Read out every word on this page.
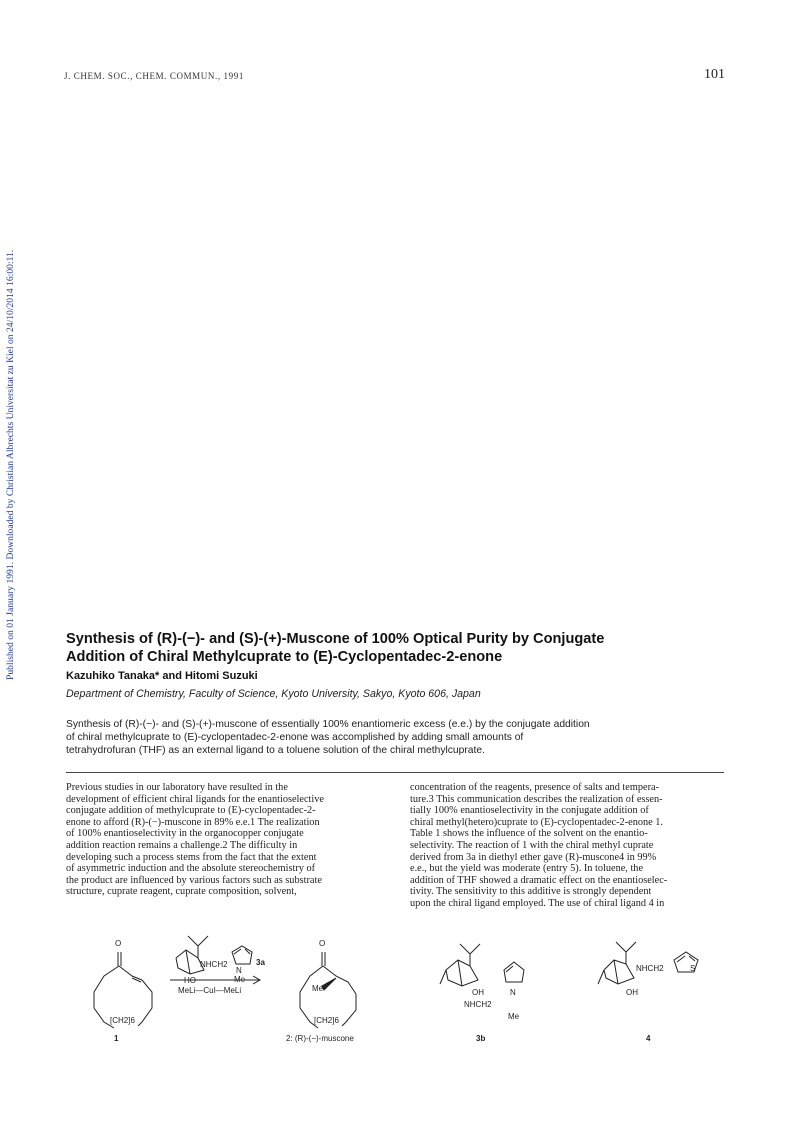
Published on 01 January 1991. Downloaded by Christian Albrechts Universitat zu Kiel on 24/10/2014 16:00:11.
J. CHEM. SOC., CHEM. COMMUN., 1991	101
Synthesis of (R)-(−)- and (S)-(+)-Muscone of 100% Optical Purity by Conjugate
Addition of Chiral Methylcuprate to (E)-Cyclopentadec-2-enone
Kazuhiko Tanaka* and Hitomi Suzuki
Department of Chemistry, Faculty of Science, Kyoto University, Sakyo, Kyoto 606, Japan
Synthesis of (R)-(−)- and (S)-(+)-muscone of essentially 100% enantiomeric excess (e.e.) by the conjugate addition
of chiral methylcuprate to (E)-cyclopentadec-2-enone was accomplished by adding small amounts of
tetrahydrofuran (THF) as an external ligand to a toluene solution of the chiral methylcuprate.
Previous studies in our laboratory have resulted in the
development of efficient chiral ligands for the enantioselective
conjugate addition of methylcuprate to (E)-cyclopentadec-2-
enone to afford (R)-(−)-muscone in 89% e.e.1 The realization
of 100% enantioselectivity in the organocopper conjugate
addition reaction remains a challenge.2 The difficulty in
developing such a process stems from the fact that the extent
of asymmetric induction and the absolute stereochemistry of
the product are influenced by various factors such as substrate
structure, cuprate reagent, cuprate composition, solvent,
concentration of the reagents, presence of salts and tempera-
ture.3 This communication describes the realization of essen-
tially 100% enantioselectivity in the conjugate addition of
chiral methyl(hetero)cuprate to (E)-cyclopentadec-2-enone 1.
Table 1 shows the influence of the solvent on the enantio-
selectivity. The reaction of 1 with the chiral methyl cuprate
derived from 3a in diethyl ether gave (R)-muscone4 in 99%
e.e., but the yield was moderate (entry 5). In toluene, the
addition of THF showed a dramatic effect on the enantioselec-
tivity. The sensitivity to this additive is strongly dependent
upon the chiral ligand employed. The use of chiral ligand 4 in
O
[CH2]6
1
NHCH2
HO
N
Me
3a
MeLi—CuI—MeLi
O
Me
[CH2]6
2: (R)-(−)-muscone
OH
NHCH2
N
Me
3b
NHCH2
OH
S
4
